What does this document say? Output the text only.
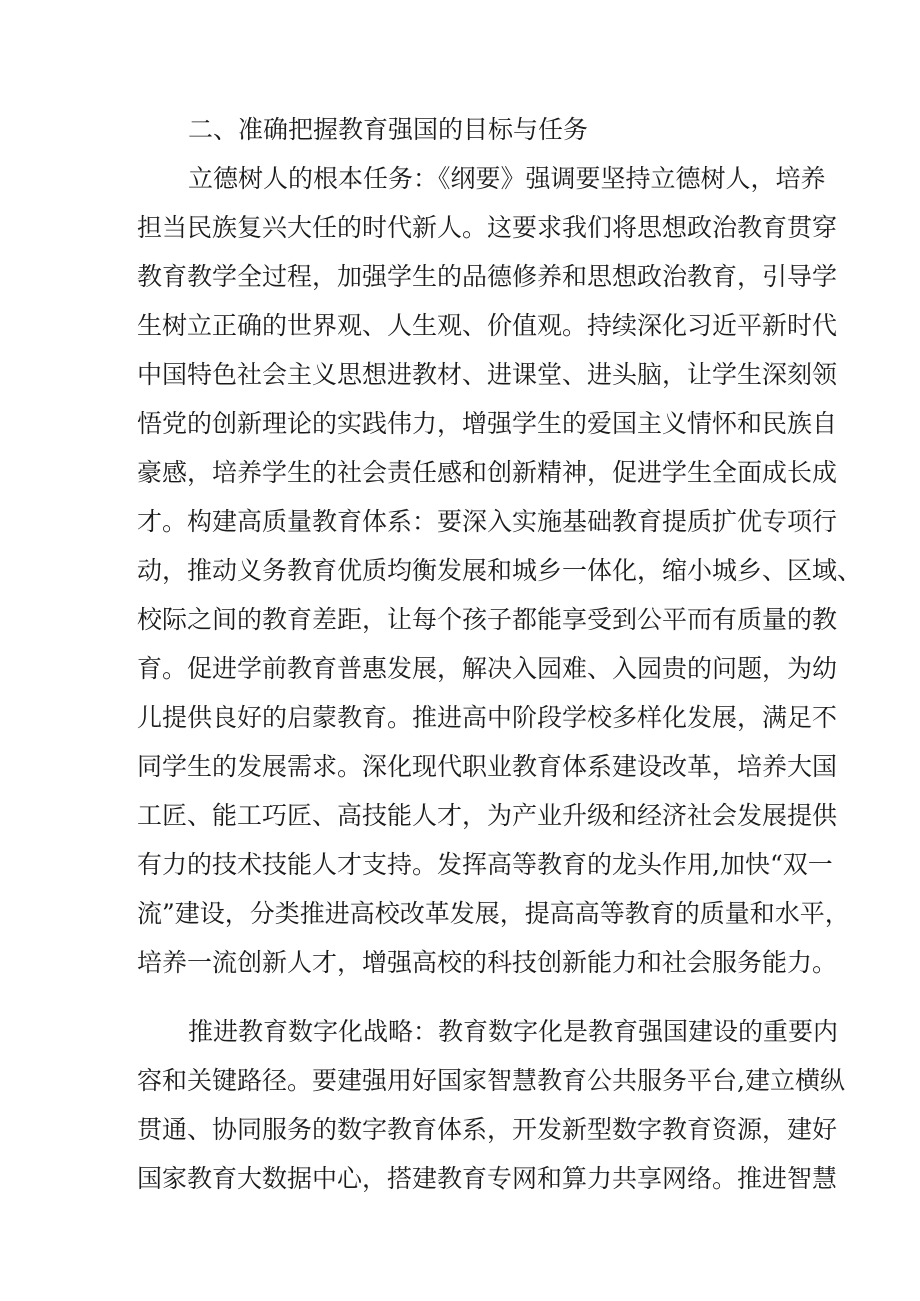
二、准确把握教育强国的目标与任务
立德树人的根本任务：《纲要》强调要坚持立德树人，培养
担当民族复兴大任的时代新人。这要求我们将思想政治教育贯穿
教育教学全过程，加强学生的品德修养和思想政治教育，引导学
生树立正确的世界观、人生观、价值观。持续深化习近平新时代
中国特色社会主义思想进教材、进课堂、进头脑，让学生深刻领
悟党的创新理论的实践伟力，增强学生的爱国主义情怀和民族自
豪感，培养学生的社会责任感和创新精神，促进学生全面成长成
才。构建高质量教育体系：要深入实施基础教育提质扩优专项行
动，推动义务教育优质均衡发展和城乡一体化，缩小城乡、区域、
校际之间的教育差距，让每个孩子都能享受到公平而有质量的教
育。促进学前教育普惠发展，解决入园难、入园贵的问题，为幼
儿提供良好的启蒙教育。推进高中阶段学校多样化发展，满足不
同学生的发展需求。深化现代职业教育体系建设改革，培养大国
工匠、能工巧匠、高技能人才，为产业升级和经济社会发展提供
有力的技术技能人才支持。发挥高等教育的龙头作用,加快“双一
流”建设，分类推进高校改革发展，提高高等教育的质量和水平，
培养一流创新人才，增强高校的科技创新能力和社会服务能力。
推进教育数字化战略：教育数字化是教育强国建设的重要内
容和关键路径。要建强用好国家智慧教育公共服务平台,建立横纵
贯通、协同服务的数字教育体系，开发新型数字教育资源，建好
国家教育大数据中心，搭建教育专网和算力共享网络。推进智慧
